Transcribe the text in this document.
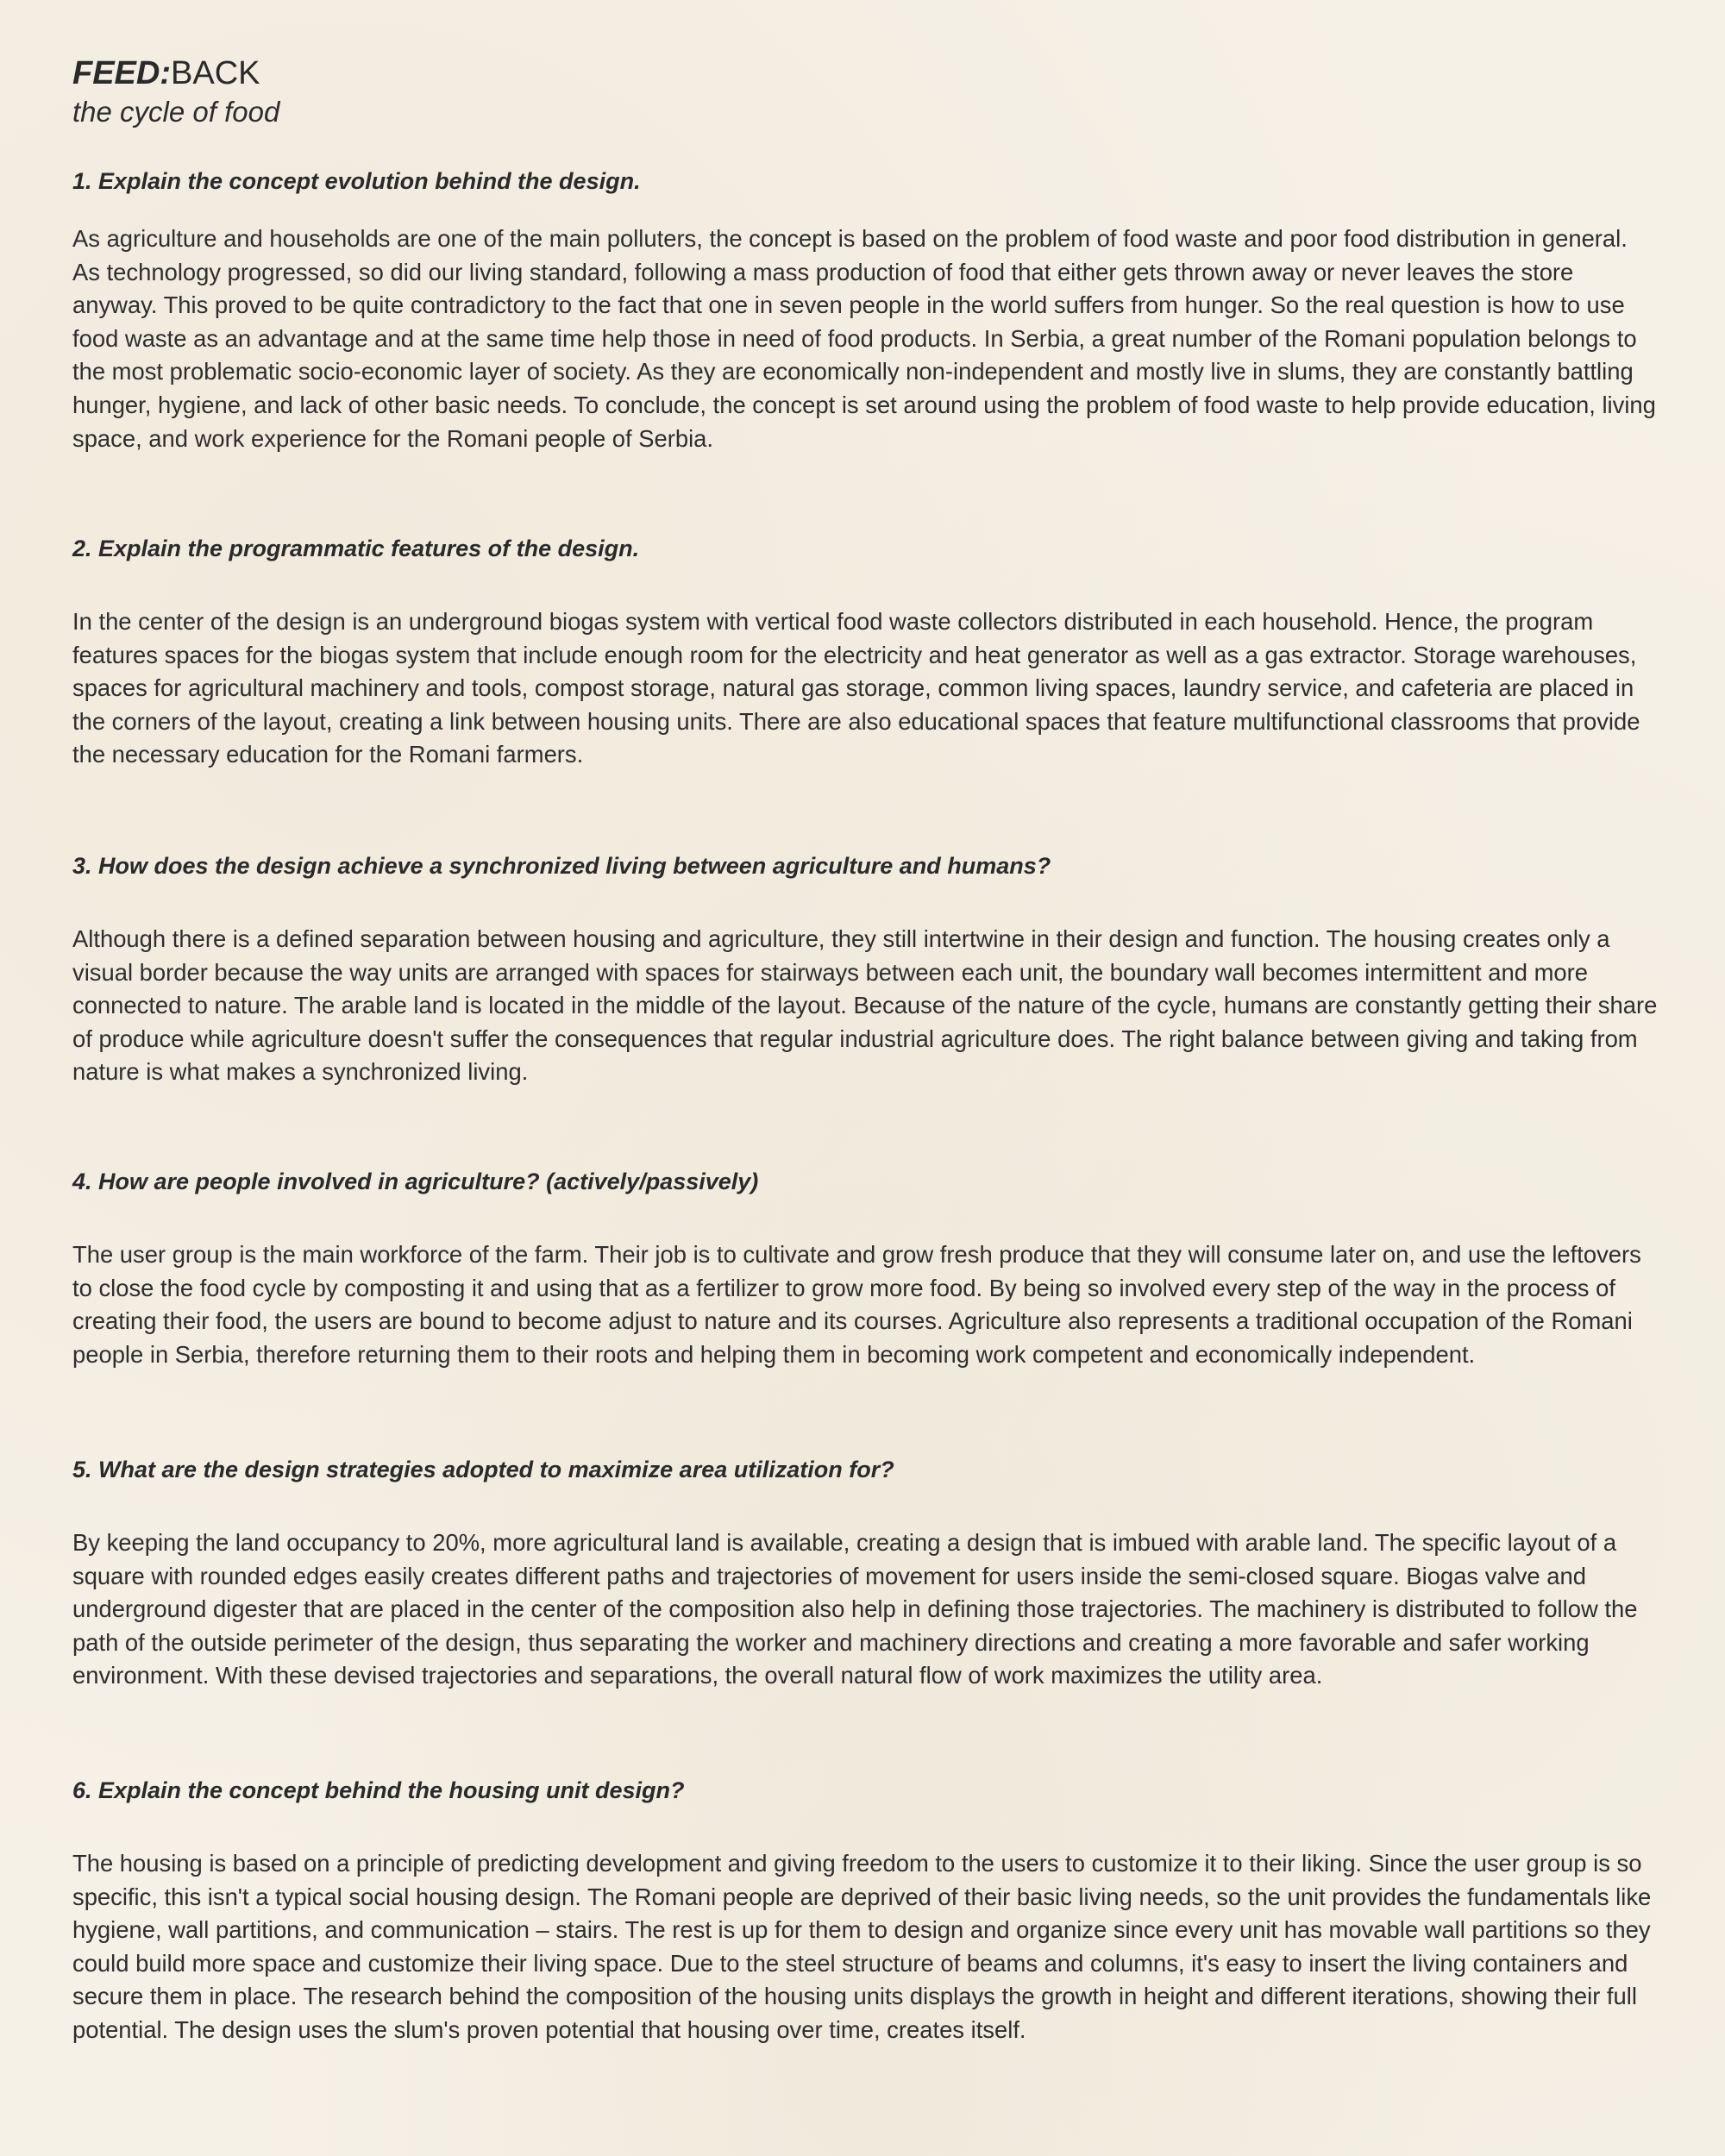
FEED:BACK

the cycle of food

1. Explain the concept evolution behind the design.

As agriculture and households are one of the main polluters, the concept is based on the problem of food waste and poor food distribution in general. As technology progressed, so did our living standard, following a mass production of food that either gets thrown away or never leaves the store anyway. This proved to be quite contradictory to the fact that one in seven people in the world suffers from hunger. So the real question is how to use food waste as an advantage and at the same time help those in need of food products. In Serbia, a great number of the Romani population belongs to the most problematic socio-economic layer of society. As they are economically non-independent and mostly live in slums, they are constantly battling hunger, hygiene, and lack of other basic needs. To conclude, the concept is set around using the problem of food waste to help provide education, living space, and work experience for the Romani people of Serbia.

2. Explain the programmatic features of the design.

In the center of the design is an underground biogas system with vertical food waste collectors distributed in each household. Hence, the program features spaces for the biogas system that include enough room for the electricity and heat generator as well as a gas extractor. Storage warehouses, spaces for agricultural machinery and tools, compost storage, natural gas storage, common living spaces, laundry service, and cafeteria are placed in the corners of the layout, creating a link between housing units. There are also educational spaces that feature multifunctional classrooms that provide the necessary education for the Romani farmers.

3. How does the design achieve a synchronized living between agriculture and humans?

Although there is a defined separation between housing and agriculture, they still intertwine in their design and function. The housing creates only a visual border because the way units are arranged with spaces for stairways between each unit, the boundary wall becomes intermittent and more connected to nature. The arable land is located in the middle of the layout. Because of the nature of the cycle, humans are constantly getting their share of produce while agriculture doesn't suffer the consequences that regular industrial agriculture does. The right balance between giving and taking from nature is what makes a synchronized living.

4. How are people involved in agriculture? (actively/passively)

The user group is the main workforce of the farm. Their job is to cultivate and grow fresh produce that they will consume later on, and use the leftovers to close the food cycle by composting it and using that as a fertilizer to grow more food. By being so involved every step of the way in the process of creating their food, the users are bound to become adjust to nature and its courses. Agriculture also represents a traditional occupation of the Romani people in Serbia, therefore returning them to their roots and helping them in becoming work competent and economically independent.

5. What are the design strategies adopted to maximize area utilization for?

By keeping the land occupancy to 20%, more agricultural land is available, creating a design that is imbued with arable land. The specific layout of a square with rounded edges easily creates different paths and trajectories of movement for users inside the semi-closed square. Biogas valve and underground digester that are placed in the center of the composition also help in defining those trajectories. The machinery is distributed to follow the path of the outside perimeter of the design, thus separating the worker and machinery directions and creating a more favorable and safer working environment. With these devised trajectories and separations, the overall natural flow of work maximizes the utility area.

6. Explain the concept behind the housing unit design?

The housing is based on a principle of predicting development and giving freedom to the users to customize it to their liking. Since the user group is so specific, this isn't a typical social housing design. The Romani people are deprived of their basic living needs, so the unit provides the fundamentals like hygiene, wall partitions, and communication – stairs. The rest is up for them to design and organize since every unit has movable wall partitions so they could build more space and customize their living space. Due to the steel structure of beams and columns, it's easy to insert the living containers and secure them in place. The research behind the composition of the housing units displays the growth in height and different iterations, showing their full potential. The design uses the slum's proven potential that housing over time, creates itself.
